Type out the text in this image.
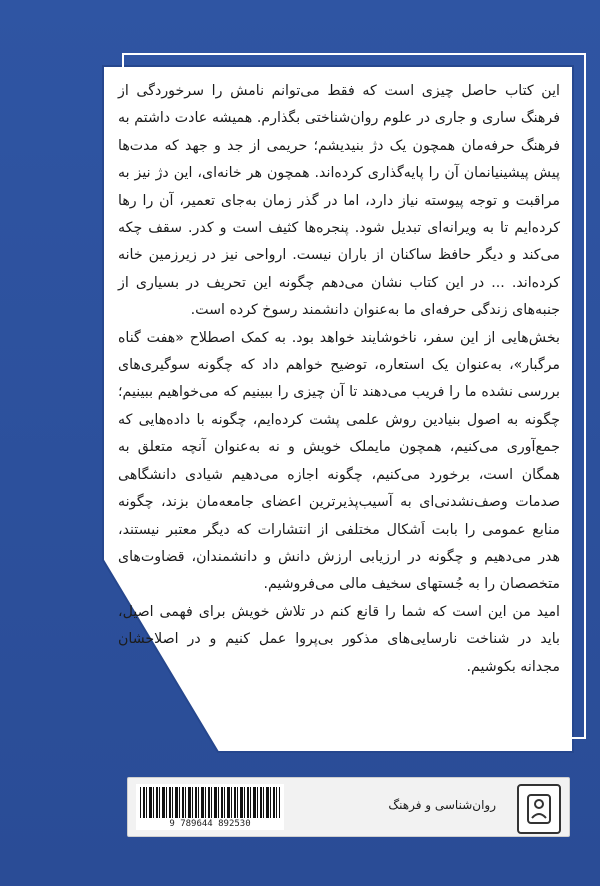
این کتاب حاصل چیزی است که فقط می‌توانم نامش را سرخوردگی از فرهنگ ساری و جاری در علوم روان‌شناختی بگذارم. همیشه عادت داشتم به فرهنگ حرفه‌مان همچون یک دژ بنیدیشم؛ حریمی از جد و جهد که مدت‌ها پیش پیشینیانمان آن را پایه‌گذاری کرده‌اند. همچون هر خانه‌ای، این دژ نیز به مراقبت و توجه پیوسته نیاز دارد، اما در گذر زمان به‌جای تعمیر، آن را رها کرده‌ایم تا به ویرانه‌ای تبدیل شود. پنجره‌ها کثیف است و کدر. سقف چکه می‌کند و دیگر حافظ ساکنان از باران نیست. ارواحی نیز در زیرزمین خانه کرده‌اند. ... در این کتاب نشان می‌دهم چگونه این تحریف در بسیاری از جنبه‌های زندگی حرفه‌ای ما به‌عنوان دانشمند رسوخ کرده است.

بخش‌هایی از این سفر، ناخوشایند خواهد بود. به کمک اصطلاح «هفت گناه مرگبار»، به‌عنوان یک استعاره، توضیح خواهم داد که چگونه سوگیری‌های بررسی نشده ما را فریب می‌دهند تا آن چیزی را ببینیم که می‌خواهیم ببینیم؛ چگونه به اصول بنیادین روش علمی پشت کرده‌ایم، چگونه با داده‌هایی که جمع‌آوری می‌کنیم، همچون ما‌یملک خویش و نه به‌عنوان آنچه متعلق به همگان است، برخورد می‌کنیم، چگونه اجازه می‌دهیم شیادی دانشگاهی صدمات وصف‌نشدنی‌ای به آسیب‌پذیرترین اعضای جامعه‌مان بزند، چگونه منابع عمومی را بابت اَشکال مختلفی از انتشارات که دیگر معتبر نیستند، هدر می‌دهیم و چگونه در ارزیابی ارزش دانش و دانشمندان، قضاوت‌های متخصصان را به جُستهای سخیف مالی می‌فروشیم.

امید من این است که شما را قانع کنم در تلاش خویش برای فهمی اصیل، باید در شناخت نارسایی‌های مذکور بی‌پروا عمل کنیم و در اصلاحشان مجدانه بکوشیم.

9 789644 892530
روان‌شناسی و فرهنگ
